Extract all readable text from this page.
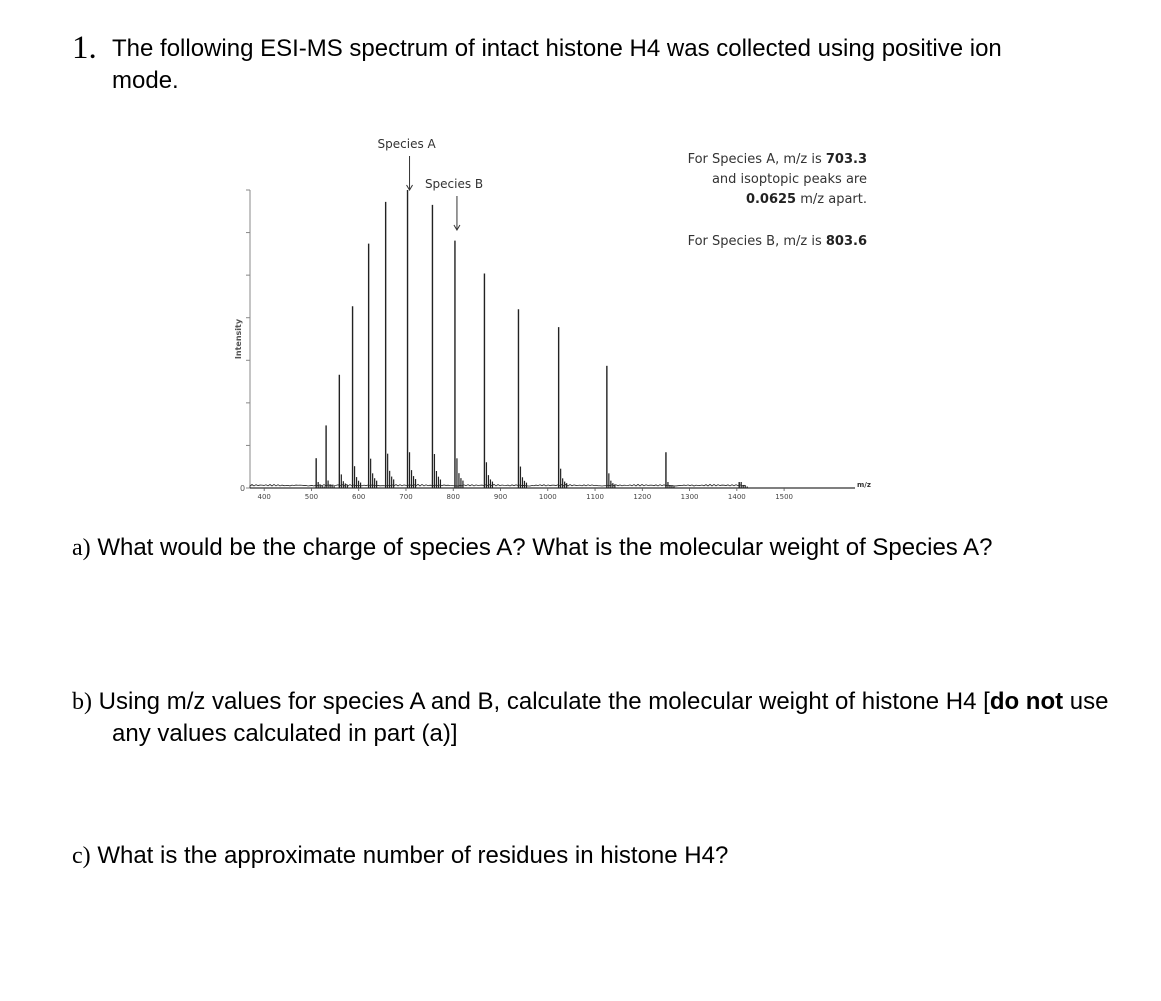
1. The following ESI-MS spectrum of intact histone H4 was collected using positive ion mode.
0
Intensity
m/z
400	500	600	700	800	900	1000	1100	1200	1300	1400	1500
Species A
Species B
For Species A, m/z is 703.3
and isoptopic peaks are
0.0625 m/z apart.
For Species B, m/z is 803.6
a) What would be the charge of species A? What is the molecular weight of Species A?
b) Using m/z values for species A and B, calculate the molecular weight of histone H4 [do not use any values calculated in part (a)]
c) What is the approximate number of residues in histone H4?
